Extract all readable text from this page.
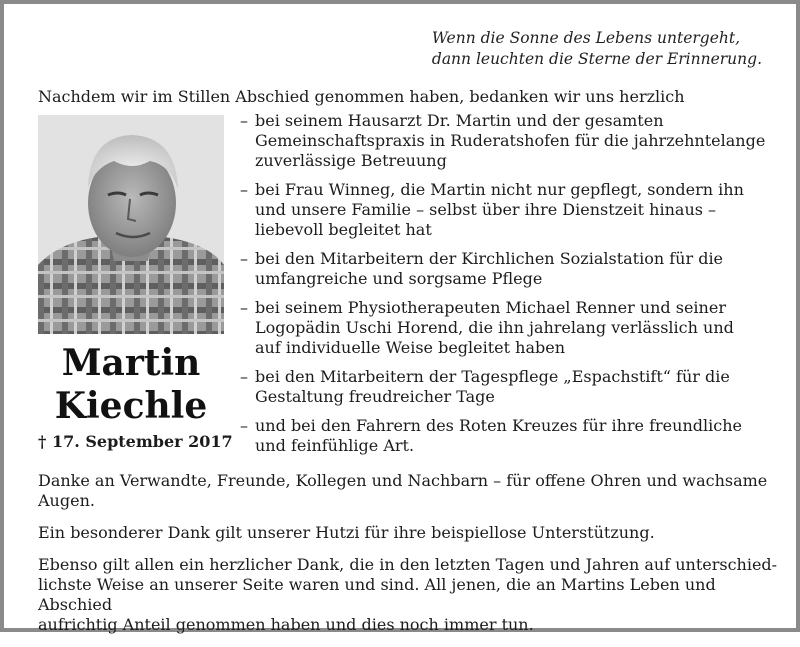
Wenn die Sonne des Lebens untergeht,
dann leuchten die Sterne der Erinnerung.
Nachdem wir im Stillen Abschied genommen haben, bedanken wir uns herzlich
Martin
Kiechle
† 17. September 2017
– bei seinem Hausarzt Dr. Martin und der gesamten
Gemeinschaftspraxis in Ruderatshofen für die jahrzehntelange
zuverlässige Betreuung
– bei Frau Winneg, die Martin nicht nur gepflegt, sondern ihn
und unsere Familie – selbst über ihre Dienstzeit hinaus –
liebevoll begleitet hat
– bei den Mitarbeitern der Kirchlichen Sozialstation für die
umfangreiche und sorgsame Pflege
– bei seinem Physiotherapeuten Michael Renner und seiner
Logopädin Uschi Horend, die ihn jahrelang verlässlich und
auf individuelle Weise begleitet haben
– bei den Mitarbeitern der Tagespflege „Espachstift“ für die
Gestaltung freudreicher Tage
– und bei den Fahrern des Roten Kreuzes für ihre freundliche
und feinfühlige Art.

Danke an Verwandte, Freunde, Kollegen und Nachbarn – für offene Ohren und wachsame
Augen.

Ein besonderer Dank gilt unserer Hutzi für ihre beispiellose Unterstützung.

Ebenso gilt allen ein herzlicher Dank, die in den letzten Tagen und Jahren auf unterschied-
lichste Weise an unserer Seite waren und sind. All jenen, die an Martins Leben und Abschied
aufrichtig Anteil genommen haben und dies noch immer tun.
